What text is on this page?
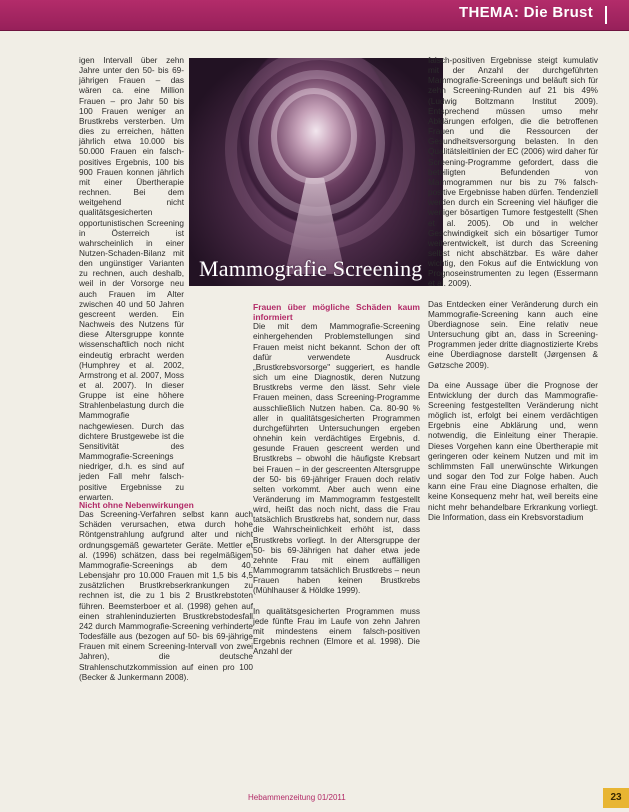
THEMA: Die Brust
Mammografie Screening

igen Intervall über zehn Jahre unter den 50- bis 69- jährigen Frauen – das wären ca. eine Million Frauen – pro Jahr 50 bis 100 Frauen weniger an Brustkrebs versterben. Um dies zu erreichen, hätten jährlich etwa 10.000 bis 50.000 Frauen ein falsch-positives Ergebnis, 100 bis 900 Frauen konnen jährlich mit einer Übertherapie rechnen. Bei dem weitgehend nicht qualitätsgesicherten opportunistischen Screening in Österreich ist wahrscheinlich in einer Nutzen-Schaden-Bilanz mit den ungünstiger Varianten zu rechnen, auch deshalb, weil in der Vorsorge neu auch Frauen im Alter zwischen 40 und 50 Jahren gescreent werden. Ein Nachweis des Nutzens für diese Altersgruppe konnte wissenschaftlich noch nicht eindeutig erbracht werden (Humphrey et al. 2002, Armstrong et al. 2007, Moss et al. 2007). In dieser Gruppe ist eine höhere Strahlenbelastung durch die Mammografie nachgewiesen. Durch das dichtere Brustgewebe ist die Sensitivität des Mammografie-Screenings niedriger, d.h. es sind auf jeden Fall mehr falsch-positive Ergebnisse zu erwarten.

Nicht ohne Nebenwirkungen

Das Screening-Verfahren selbst kann auch Schäden verursachen, etwa durch hohe Röntgenstrahlung aufgrund alter und nicht ordnungsgemäß gewarteter Geräte. Mettler et al. (1996) schätzen, dass bei regelmäßigem Mammografie-Screenings ab dem 40. Lebensjahr pro 10.000 Frauen mit 1,5 bis 4,5 zusätzlichen Brustkrebserkrankungen zu rechnen ist, die zu 1 bis 2 Brustkrebstoten führen. Beemsterboer et al. (1998) gehen auf einen strahleninduzierten Brustkrebstodesfall 242 durch Mammografie-Screening verhinderte Todesfälle aus (bezogen auf 50- bis 69-jährige Frauen mit einem Screening-Intervall von zwei Jahren), die deutsche Strahlenschutzkommission auf einen pro 100 (Becker & Junkermann 2008).

Frauen über mögliche Schäden kaum informiert

Die mit dem Mammografie-Screening einhergehenden Problemstellungen sind Frauen meist nicht bekannt. Schon der oft dafür verwendete Ausdruck „Brustkrebsvorsorge" suggeriert, es handle sich um eine Diagnostik, deren Nutzung Brustkrebs verme den lässt. Sehr viele Frauen meinen, dass Screening-Programme ausschließlich Nutzen haben. Ca. 80-90 % aller in qualitätsgesicherten Programmen durchgeführten Untersuchungen ergeben ohnehin kein verdächtiges Ergebnis, d. gesunde Frauen gescreent werden und Brustkrebs – obwohl die häufigste Krebsart bei Frauen – in der gescreenten Altersgruppe der 50- bis 69-jähriger Frauen doch relativ selten vorkommt. Aber auch wenn eine Veränderung im Mammogramm festgestellt wird, heißt das noch nicht, dass die Frau tatsächlich Brustkrebs hat, sondern nur, dass die Wahrscheinlichkeit erhöht ist, dass Brustkrebs vorliegt. In der Altersgruppe der 50- bis 69-Jährigen hat daher etwa jede zehnte Frau mit einem auffälligen Mammogramm tatsächlich Brustkrebs – neun Frauen haben keinen Brustkrebs (Mühlhauser & Höldke 1999).

In qualitätsgesicherten Programmen muss jede fünfte Frau im Laufe von zehn Jahren mit mindestens einem falsch-positiven Ergebnis rechnen (Elmore et al. 1998). Die Anzahl der

falsch-positiven Ergebnisse steigt kumulativ mit der Anzahl der durchgeführten Mammografie-Screenings und beläuft sich für zehn Screening-Runden auf 21 bis 49% (Ludwig Boltzmann Institut 2009). Entsprechend müssen umso mehr Abklärungen erfolgen, die die betroffenen Frauen und die Ressourcen der Gesundheitsversorgung belasten. In den Qualitätsleitlinien der EC (2006) wird daher für Screening-Programme gefordert, dass die beteiligten Befundenden von Mammogrammen nur bis zu 7% falsch-positive Ergebnisse haben dürfen. Tendenziell werden durch ein Screening viel häufiger die weniger bösartigen Tumore festgestellt (Shen et al. 2005). Ob und in welcher Geschwindigkeit sich ein bösartiger Tumor weiterentwickelt, ist durch das Screening selbst nicht abschätzbar. Es wäre daher wichtig, den Fokus auf die Entwicklung von Prognoseinstrumenten zu legen (Essermann et al. 2009).

Das Entdecken einer Veränderung durch ein Mammografie-Screening kann auch eine Überdiagnose sein. Eine relativ neue Untersuchung gibt an, dass in Screening-Programmen jeder dritte diagnostizierte Krebs eine Überdiagnose darstellt (Jørgensen & Gøtzsche 2009).

Da eine Aussage über die Prognose der Entwicklung der durch das Mammografie-Screening festgestellten Veränderung nicht möglich ist, erfolgt bei einem verdächtigen Ergebnis eine Abklärung und, wenn notwendig, die Einleitung einer Therapie. Dieses Vorgehen kann eine Übertherapie mit geringeren oder keinem Nutzen und mit im schlimmsten Fall unerwünschte Wirkungen und sogar den Tod zur Folge haben. Auch kann eine Frau eine Diagnose erhalten, die keine Konsequenz mehr hat, weil bereits eine nicht mehr behandelbare Erkrankung vorliegt. Die Information, dass ein Krebsvorstadium

Hebammenzeitung 01/2011	23
